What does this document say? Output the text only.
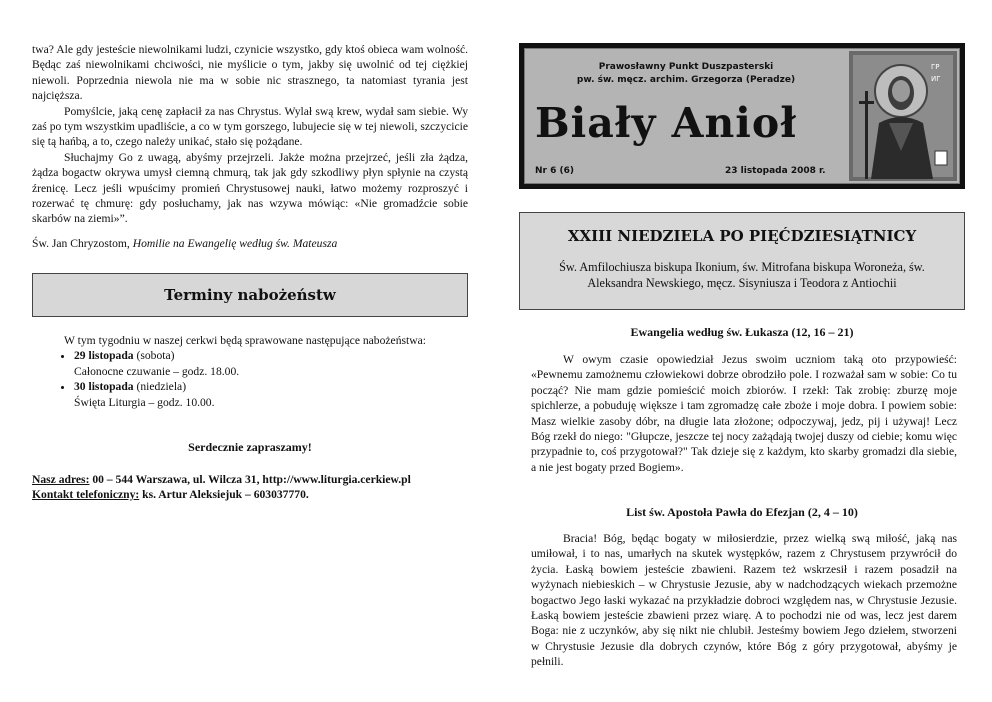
twa? Ale gdy jesteście niewolnikami ludzi, czynicie wszystko, gdy ktoś obieca wam wolność. Będąc zaś niewolnikami chciwości, nie myślicie o tym, jakby się uwolnić od tej ciężkiej niewoli. Poprzednia niewola nie ma w sobie nic strasznego, ta natomiast tyrania jest najcięższa.

Pomyślcie, jaką cenę zapłacił za nas Chrystus. Wylał swą krew, wydał sam siebie. Wy zaś po tym wszystkim upadliście, a co w tym gorszego, lubujecie się w tej niewoli, szczycicie się tą hańbą, a to, czego należy unikać, stało się pożądane.

Słuchajmy Go z uwagą, abyśmy przejrzeli. Jakże można przejrzeć, jeśli zła żądza, żądza bogactw okrywa umysł ciemną chmurą, tak jak gdy szkodliwy płyn spłynie na czystą źrenicę. Lecz jeśli wpuścimy promień Chrystusowej nauki, łatwo możemy rozproszyć i rozerwać tę chmurę: gdy posłuchamy, jak nas wzywa mówiąc: «Nie gromadźcie sobie skarbów na ziemi»”.

Św. Jan Chryzostom, Homilie na Ewangelię według św. Mateusza
Terminy nabożeństw

W tym tygodniu w naszej cerkwi będą sprawowane następujące nabożeństwa:

• 29 listopada (sobota)
Całonocne czuwanie – godz. 18.00.
• 30 listopada (niedziela)
Święta Liturgia – godz. 10.00.
Serdecznie zapraszamy!
Nasz adres: 00 – 544 Warszawa, ul. Wilcza 31, http://www.liturgia.cerkiew.pl
Kontakt telefoniczny: ks. Artur Aleksiejuk – 603037770.
Prawosławny Punkt Duszpasterski
pw. św. męcz. archim. Grzegorza (Peradze)
Biały Anioł
Nr 6 (6)	23 listopada 2008 r.
ГР
ИГ
XXIII NIEDZIELA PO PIĘĆDZIESIĄTNICY
Św. Amfilochiusza biskupa Ikonium, św. Mitrofana biskupa Woroneża, św. Aleksandra Newskiego, męcz. Sisyniusza i Teodora z Antiochii
Ewangelia według św. Łukasza (12, 16 – 21)

W owym czasie opowiedział Jezus swoim uczniom taką oto przypowieść: «Pewnemu zamożnemu człowiekowi dobrze obrodziło pole. I rozważał sam w sobie: Co tu począć? Nie mam gdzie pomieścić moich zbiorów. I rzekł: Tak zrobię: zburzę moje spichlerze, a pobuduję większe i tam zgromadzę całe zboże i moje dobra. I powiem sobie: Masz wielkie zasoby dóbr, na długie lata złożone; odpoczywaj, jedz, pij i używaj! Lecz Bóg rzekł do niego: "Głupcze, jeszcze tej nocy zażądają twojej duszy od ciebie; komu więc przypadnie to, coś przygotował?" Tak dzieje się z każdym, kto skarby gromadzi dla siebie, a nie jest bogaty przed Bogiem».

List św. Apostoła Pawła do Efezjan (2, 4 – 10)

Bracia! Bóg, będąc bogaty w miłosierdzie, przez wielką swą miłość, jaką nas umiłował, i to nas, umarłych na skutek występków, razem z Chrystusem przywrócił do życia. Łaską bowiem jesteście zbawieni. Razem też wskrzesił i razem posadził na wyżynach niebieskich – w Chrystusie Jezusie, aby w nadchodzących wiekach przemożne bogactwo Jego łaski wykazać na przykładzie dobroci względem nas, w Chrystusie Jezusie. Łaską bowiem jesteście zbawieni przez wiarę. A to pochodzi nie od was, lecz jest darem Boga: nie z uczynków, aby się nikt nie chlubił. Jesteśmy bowiem Jego dziełem, stworzeni w Chrystusie Jezusie dla dobrych czynów, które Bóg z góry przygotował, abyśmy je pełnili.
